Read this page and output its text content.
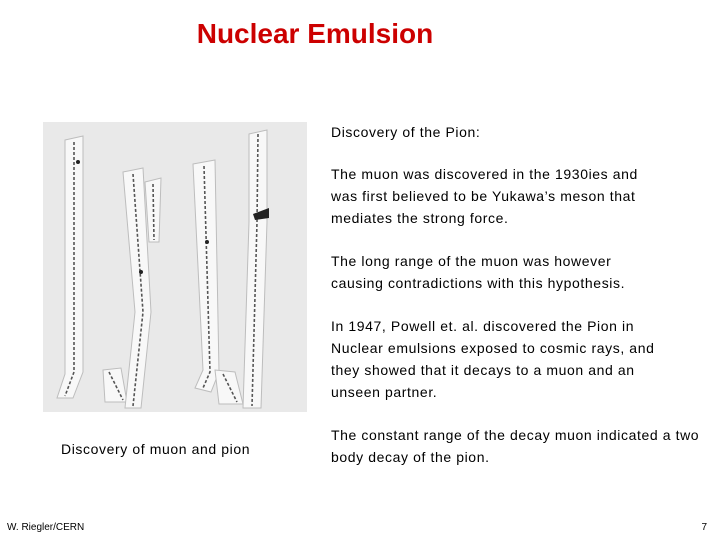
Nuclear Emulsion
Discovery of muon and pion
Discovery of the Pion:
The muon was discovered in the 1930ies and was first believed to be Yukawa’s meson that mediates the strong force.
The long range of the muon was however causing contradictions with this hypothesis.
In 1947, Powell et. al. discovered the Pion in Nuclear emulsions exposed to cosmic rays, and they showed that it decays to a muon and an unseen partner.
The constant range of the decay muon indicated a two body decay of the pion.
W. Riegler/CERN	7
